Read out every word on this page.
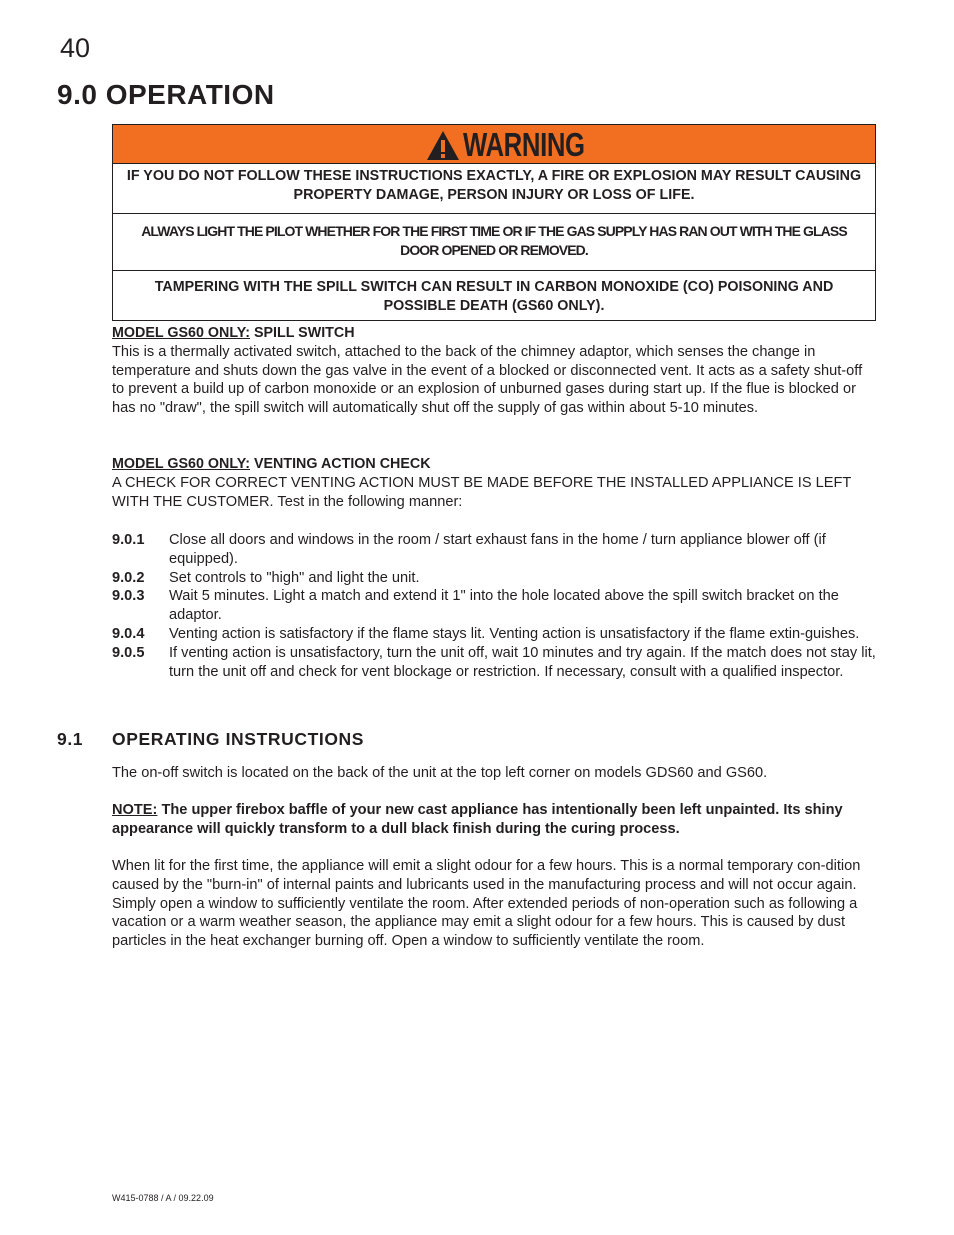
40
9.0 OPERATION
WARNING
IF YOU DO NOT FOLLOW THESE INSTRUCTIONS EXACTLY, A FIRE OR EXPLOSION MAY RESULT CAUSING PROPERTY DAMAGE, PERSON INJURY OR LOSS OF LIFE.
ALWAYS LIGHT THE PILOT WHETHER FOR THE FIRST TIME OR IF THE GAS SUPPLY HAS RAN OUT WITH THE GLASS DOOR OPENED OR REMOVED.
TAMPERING WITH THE SPILL SWITCH CAN RESULT IN CARBON MONOXIDE (CO) POISONING AND POSSIBLE DEATH (GS60 ONLY).
MODEL GS60 ONLY: SPILL SWITCH
This is a thermally activated switch, attached to the back of the chimney adaptor, which senses the change in temperature and shuts down the gas valve in the event of a blocked or disconnected vent. It acts as a safety shut-off to prevent a build up of carbon monoxide or an explosion of unburned gases during start up. If the flue is blocked or has no "draw", the spill switch will automatically shut off the supply of gas within about 5-10 minutes.
MODEL GS60 ONLY: VENTING ACTION CHECK
A CHECK FOR CORRECT VENTING ACTION MUST BE MADE BEFORE THE INSTALLED APPLIANCE IS LEFT WITH THE CUSTOMER. Test in the following manner:
9.0.1	Close all doors and windows in the room / start exhaust fans in the home / turn appliance blower off (if equipped).
9.0.2	Set controls to "high" and light the unit.
9.0.3	Wait 5 minutes. Light a match and extend it 1" into the hole located above the spill switch bracket on the adaptor.
9.0.4	Venting action is satisfactory if the flame stays lit. Venting action is unsatisfactory if the flame extin-guishes.
9.0.5	If venting action is unsatisfactory, turn the unit off, wait 10 minutes and try again. If the match does not stay lit, turn the unit off and check for vent blockage or restriction. If necessary, consult with a qualified inspector.
9.1 OPERATING INSTRUCTIONS
The on-off switch is located on the back of the unit at the top left corner on models GDS60 and GS60.
NOTE: The upper firebox baffle of your new cast appliance has intentionally been left unpainted. Its shiny appearance will quickly transform to a dull black finish during the curing process.
When lit for the first time, the appliance will emit a slight odour for a few hours. This is a normal temporary con-dition caused by the "burn-in" of internal paints and lubricants used in the manufacturing process and will not occur again. Simply open a window to sufficiently ventilate the room. After extended periods of non-operation such as following a vacation or a warm weather season, the appliance may emit a slight odour for a few hours. This is caused by dust particles in the heat exchanger burning off. Open a window to sufficiently ventilate the room.
W415-0788 / A / 09.22.09
